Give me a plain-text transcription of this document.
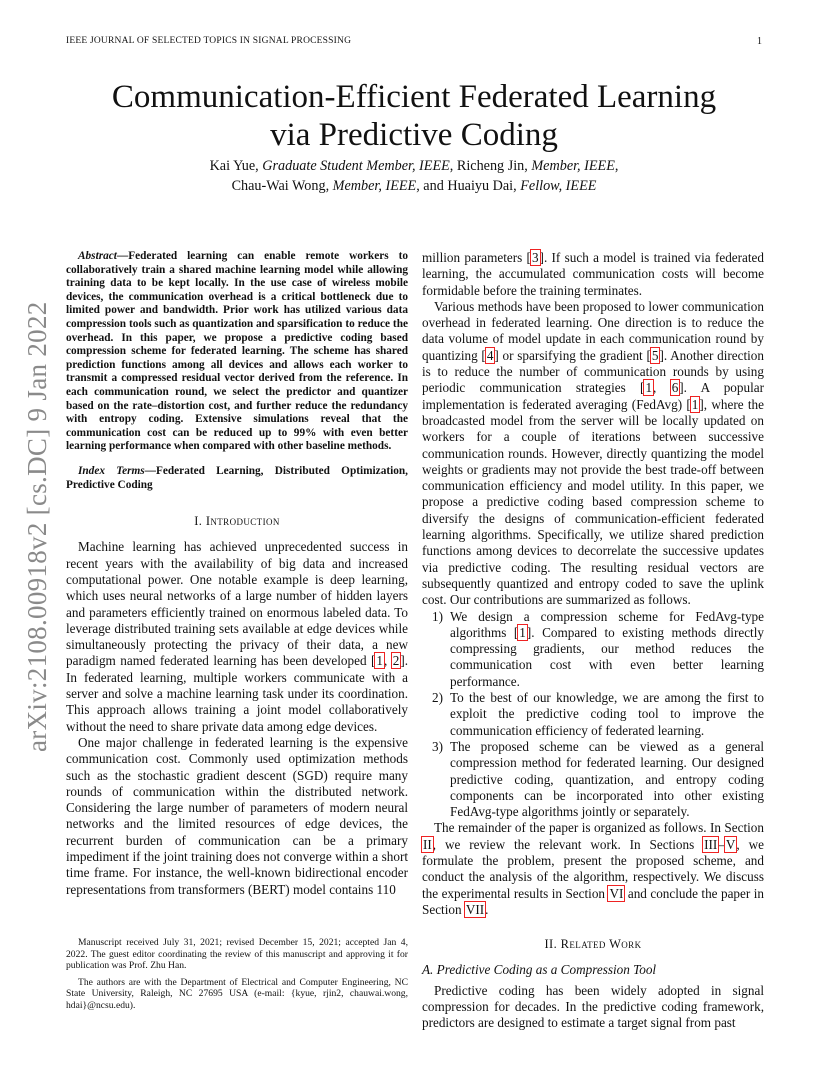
IEEE JOURNAL OF SELECTED TOPICS IN SIGNAL PROCESSING	1
arXiv:2108.00918v2 [cs.DC] 9 Jan 2022
Communication-Efficient Federated Learning
via Predictive Coding
Kai Yue, Graduate Student Member, IEEE, Richeng Jin, Member, IEEE,
Chau-Wai Wong, Member, IEEE, and Huaiyu Dai, Fellow, IEEE

Abstract—Federated learning can enable remote workers to collaboratively train a shared machine learning model while allowing training data to be kept locally. In the use case of wireless mobile devices, the communication overhead is a critical bottleneck due to limited power and bandwidth. Prior work has utilized various data compression tools such as quantization and sparsification to reduce the overhead. In this paper, we propose a predictive coding based compression scheme for federated learning. The scheme has shared prediction functions among all devices and allows each worker to transmit a compressed residual vector derived from the reference. In each communication round, we select the predictor and quantizer based on the rate–distortion cost, and further reduce the redundancy with entropy coding. Extensive simulations reveal that the communication cost can be reduced up to 99% with even better learning performance when compared with other baseline methods.

Index Terms—Federated Learning, Distributed Optimization, Predictive Coding

I. Introduction

Machine learning has achieved unprecedented success in recent years with the availability of big data and increased computational power. One notable example is deep learning, which uses neural networks of a large number of hidden layers and parameters efficiently trained on enormous labeled data. To leverage distributed training sets available at edge devices while simultaneously protecting the privacy of their data, a new paradigm named federated learning has been developed [1, 2]. In federated learning, multiple workers communicate with a server and solve a machine learning task under its coordination. This approach allows training a joint model collaboratively without the need to share private data among edge devices.

One major challenge in federated learning is the expensive communication cost. Commonly used optimization methods such as the stochastic gradient descent (SGD) require many rounds of communication within the distributed network. Considering the large number of parameters of modern neural networks and the limited resources of edge devices, the recurrent burden of communication can be a primary impediment if the joint training does not converge within a short time frame. For instance, the well-known bidirectional encoder representations from transformers (BERT) model contains 110

million parameters [3]. If such a model is trained via federated learning, the accumulated communication costs will become formidable before the training terminates.

Various methods have been proposed to lower communication overhead in federated learning. One direction is to reduce the data volume of model update in each communication round by quantizing [4] or sparsifying the gradient [5]. Another direction is to reduce the number of communication rounds by using periodic communication strategies [1, 6]. A popular implementation is federated averaging (FedAvg) [1], where the broadcasted model from the server will be locally updated on workers for a couple of iterations between successive communication rounds. However, directly quantizing the model weights or gradients may not provide the best trade-off between communication efficiency and model utility. In this paper, we propose a predictive coding based compression scheme to diversify the designs of communication-efficient federated learning algorithms. Specifically, we utilize shared prediction functions among devices to decorrelate the successive updates via predictive coding. The resulting residual vectors are subsequently quantized and entropy coded to save the uplink cost. Our contributions are summarized as follows.

1) We design a compression scheme for FedAvg-type algorithms [1]. Compared to existing methods directly compressing gradients, our method reduces the communication cost with even better learning performance.
2) To the best of our knowledge, we are among the first to exploit the predictive coding tool to improve the communication efficiency of federated learning.
3) The proposed scheme can be viewed as a general compression method for federated learning. Our designed predictive coding, quantization, and entropy coding components can be incorporated into other existing FedAvg-type algorithms jointly or separately.

The remainder of the paper is organized as follows. In Section II, we review the relevant work. In Sections III–V, we formulate the problem, present the proposed scheme, and conduct the analysis of the algorithm, respectively. We discuss the experimental results in Section VI and conclude the paper in Section VII.

II. Related Work
A. Predictive Coding as a Compression Tool

Predictive coding has been widely adopted in signal compression for decades. In the predictive coding framework, predictors are designed to estimate a target signal from past

Manuscript received July 31, 2021; revised December 15, 2021; accepted Jan 4, 2022. The guest editor coordinating the review of this manuscript and approving it for publication was Prof. Zhu Han.

The authors are with the Department of Electrical and Computer Engineering, NC State University, Raleigh, NC 27695 USA (e-mail: {kyue, rjin2, chauwai.wong, hdai}@ncsu.edu).
